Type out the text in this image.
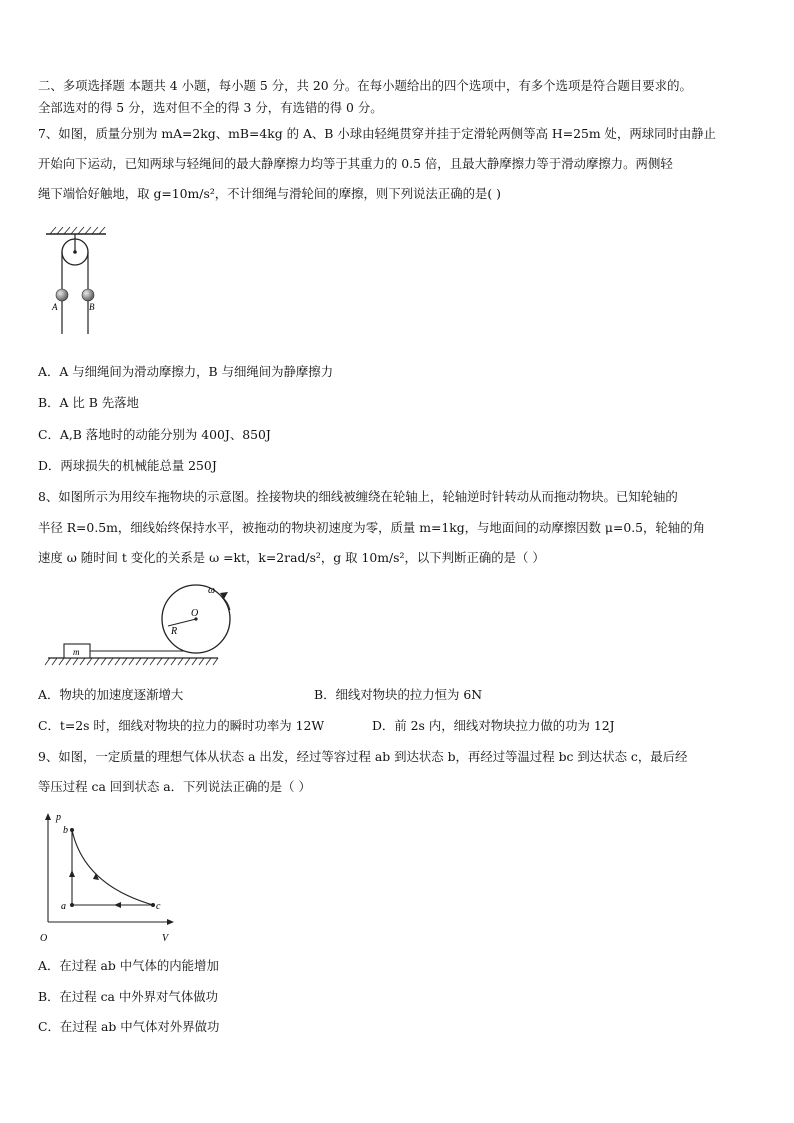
二、多项选择题 本题共 4 小题，每小题 5 分，共 20 分。在每小题给出的四个选项中，有多个选项是符合题目要求的。
全部选对的得 5 分，选对但不全的得 3 分，有选错的得 0 分。
7、如图，质量分别为 mA=2kg、mB=4kg 的 A、B 小球由轻绳贯穿并挂于定滑轮两侧等高 H=25m 处，两球同时由静止
开始向下运动，已知两球与轻绳间的最大静摩擦力均等于其重力的 0.5 倍，且最大静摩擦力等于滑动摩擦力。两侧轻
绳下端恰好触地，取 g=10m/s²，不计细绳与滑轮间的摩擦，则下列说法正确的是( )
A	B
A．A 与细绳间为滑动摩擦力，B 与细绳间为静摩擦力
B．A 比 B 先落地
C．A,B 落地时的动能分别为 400J、850J
D．两球损失的机械能总量 250J
8、如图所示为用绞车拖物块的示意图。拴接物块的细线被缠绕在轮轴上，轮轴逆时针转动从而拖动物块。已知轮轴的
半径 R=0.5m，细线始终保持水平，被拖动的物块初速度为零，质量 m=1kg，与地面间的动摩擦因数 μ=0.5，轮轴的角
速度 ω 随时间 t 变化的关系是 ω =kt，k=2rad/s²，g 取 10m/s²，以下判断正确的是（ ）
m
O
R
ω
A．物块的加速度逐渐增大	B．细线对物块的拉力恒为 6N
C．t=2s 时，细线对物块的拉力的瞬时功率为 12W	D．前 2s 内，细线对物块拉力做的功为 12J
9、如图，一定质量的理想气体从状态 a 出发，经过等容过程 ab 到达状态 b，再经过等温过程 bc 到达状态 c，最后经
等压过程 ca 回到状态 a．下列说法正确的是（ ）
p
V
O
a
b
c
A．在过程 ab 中气体的内能增加
B．在过程 ca 中外界对气体做功
C．在过程 ab 中气体对外界做功
